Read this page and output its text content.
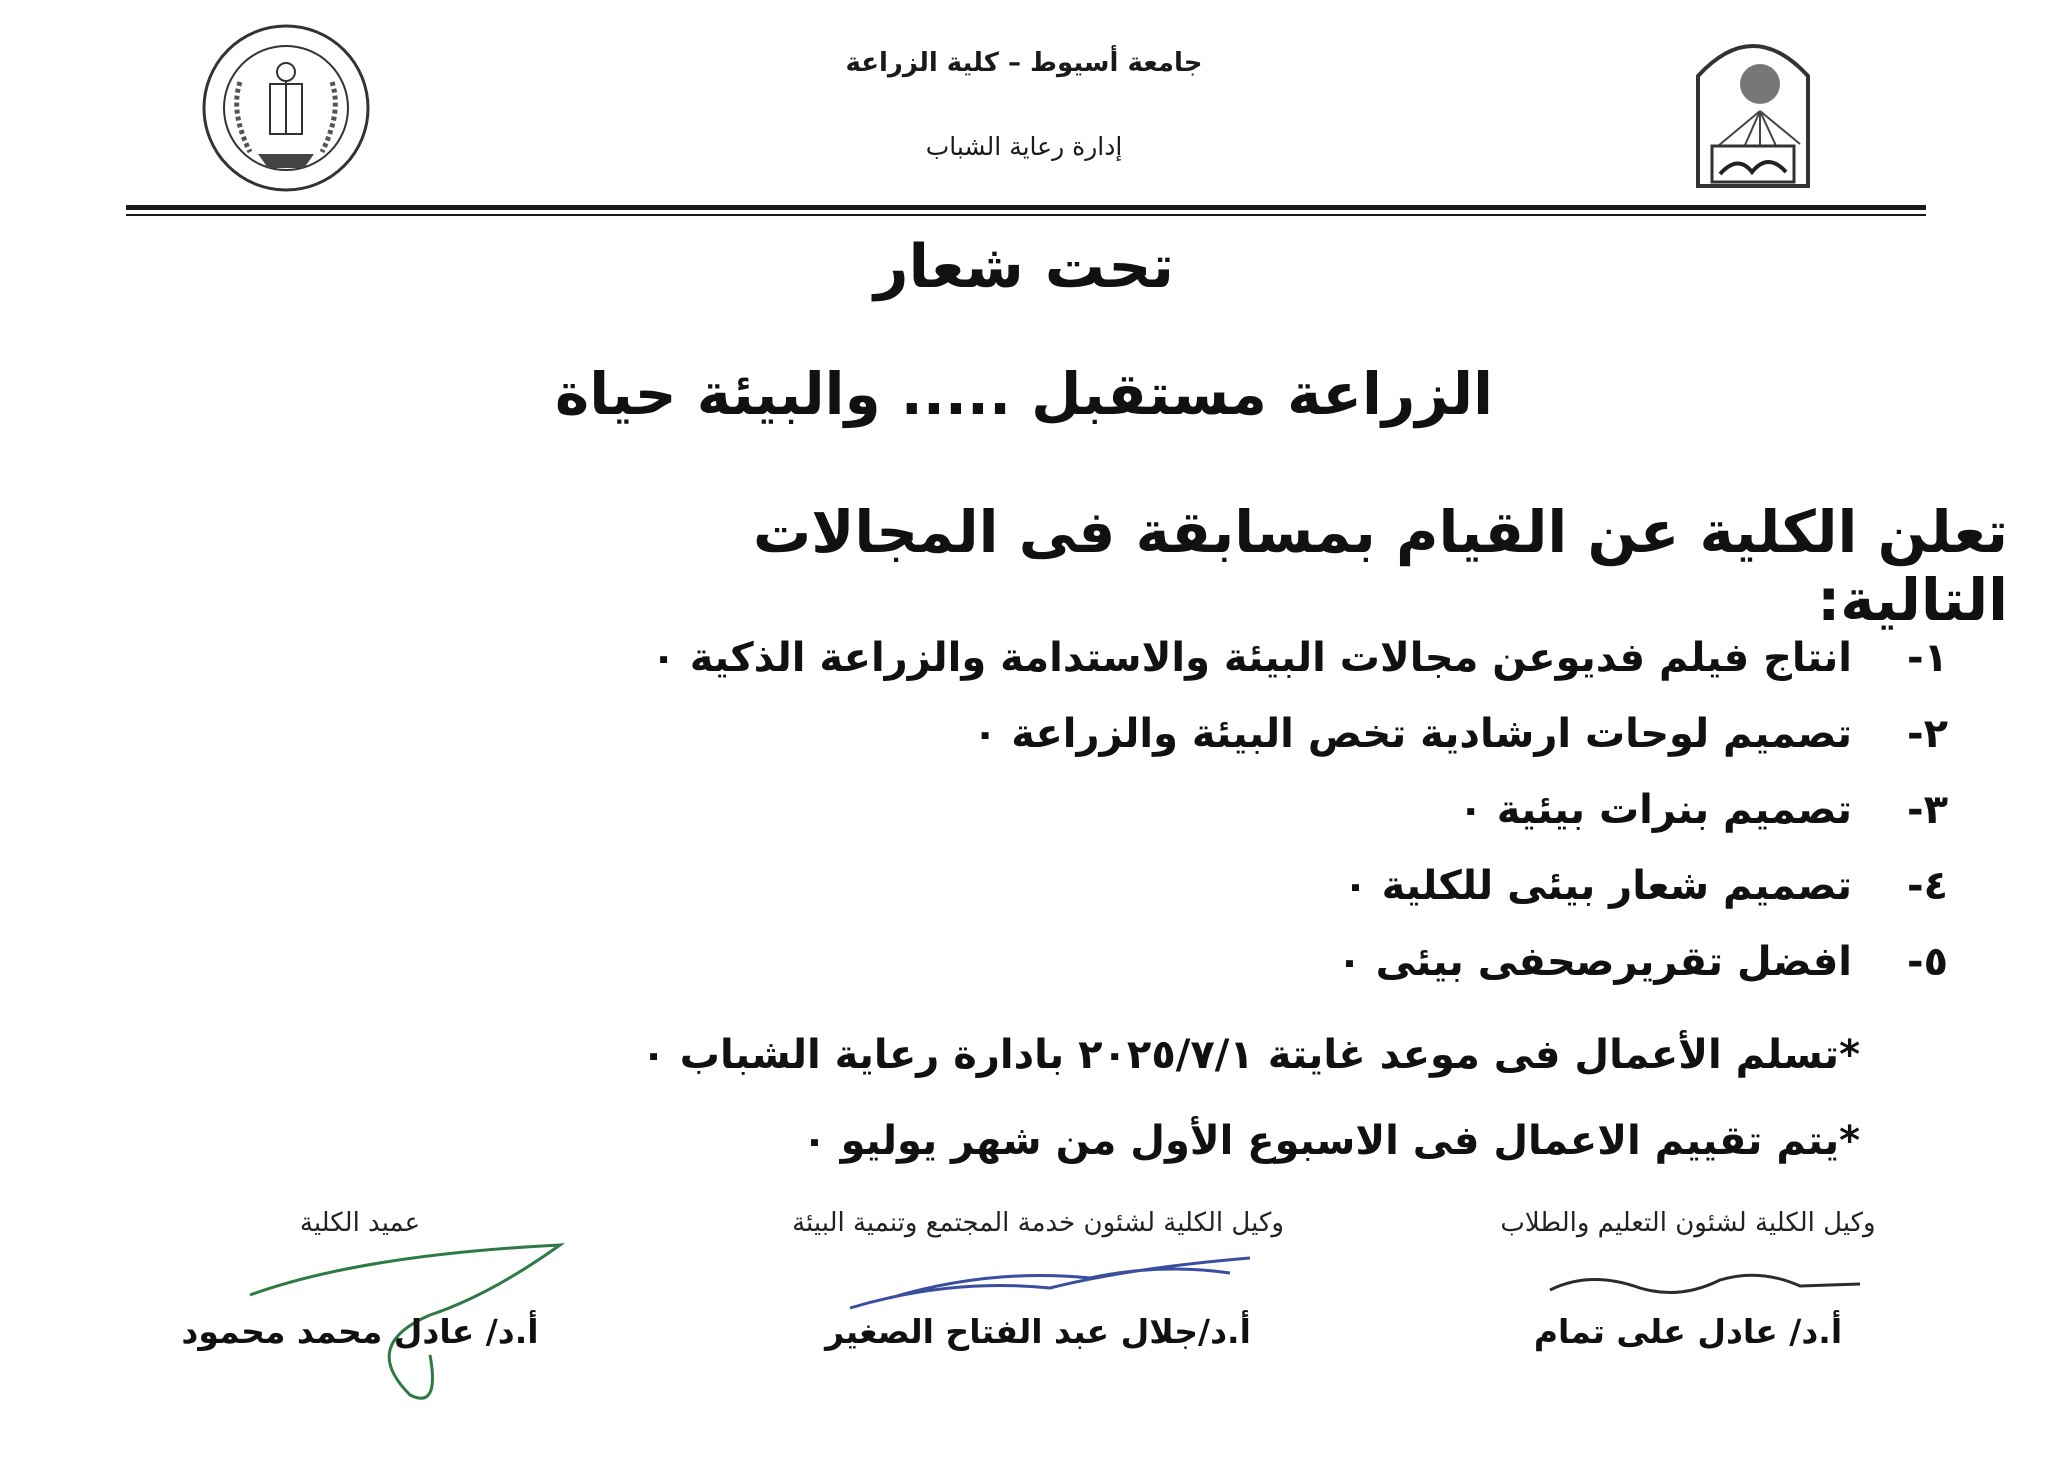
جامعة أسيوط – كلية الزراعة
إدارة رعاية الشباب
تحت شعار
الزراعة مستقبل ..... والبيئة حياة
تعلن الكلية عن القيام بمسابقة فى المجالات التالية:
١-
انتاج فيلم فديوعن مجالات البيئة والاستدامة والزراعة الذكية ٠
٢-
تصميم لوحات ارشادية تخص البيئة والزراعة ٠
٣-
تصميم بنرات بيئية ٠
٤-
تصميم شعار بيئى للكلية ٠
٥-
افضل تقريرصحفى بيئى ٠
*تسلم الأعمال فى موعد غايتة ٢٠٢٥/٧/١ بادارة رعاية الشباب ٠
*يتم تقييم الاعمال فى الاسبوع الأول من شهر يوليو ٠
وكيل الكلية لشئون التعليم والطلاب
وكيل الكلية لشئون خدمة المجتمع وتنمية البيئة
عميد الكلية
أ.د/ عادل على تمام
أ.د/جلال عبد الفتاح الصغير
أ.د/ عادل محمد محمود
